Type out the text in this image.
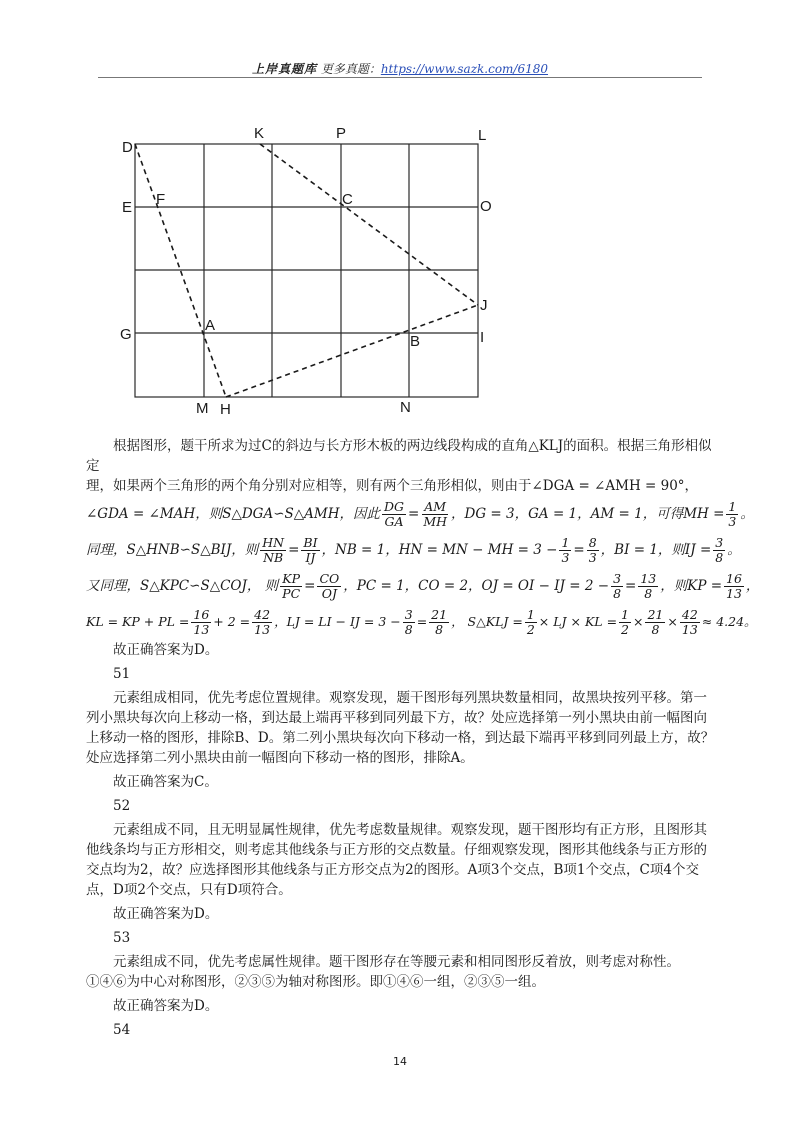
上岸真题库 更多真题：https://www.sazk.com/6180
D
K	P	L
E F	C	O
J
G
A
B	I
M H	N

根据图形，题干所求为过C的斜边与长方形木板的两边线段构成的直角△KLJ的面积。根据三角形相似定

理，如果两个三角形的两个角分别对应相等，则有两个三角形相似，则由于∠DGA = ∠AMH = 90°，

∠GDA = ∠MAH，则S△DGA∽S△AMH，因此 $\frac{DG}{GA} = \frac{AM}{MH}$ ，DG = 3，GA = 1，AM = 1，可得MH = $\frac{1}{3}$ 。
同理，S△HNB∽S△BIJ，则 $\frac{HN}{NB} = \frac{BI}{IJ}$ ，NB = 1，HN = MN − MH = $3 - \frac{1}{3} = \frac{8}{3}$ ，BI = 1，则IJ = $\frac{3}{8}$ 。
又同理，S△KPC∽S△COJ， 则 $\frac{KP}{PC} = \frac{CO}{OJ}$ ，PC = 1，CO = 2，OJ = OI − IJ = $2 - \frac{3}{8} = \frac{13}{8}$ ，则KP = $\frac{16}{13}$ ，
KL = KP + PL = $\frac{16}{13} + 2 = \frac{42}{13}$ ，LJ = LI − IJ = $3 - \frac{3}{8} = \frac{21}{8}$ ， S△KLJ = $\frac{1}{2}$ × LJ × KL = $\frac{1}{2} \times \frac{21}{8} \times \frac{42}{13} \approx 4.24$。

故正确答案为D。

51

元素组成相同，优先考虑位置规律。观察发现，题干图形每列黑块数量相同，故黑块按列平移。第一列小黑块每次向上移动一格，到达最上端再平移到同列最下方，故？处应选择第一列小黑块由前一幅图向上移动一格的图形，排除B、D。第二列小黑块每次向下移动一格，到达最下端再平移到同列最上方，故？处应选择第二列小黑块由前一幅图向下移动一格的图形，排除A。

故正确答案为C。

52

元素组成不同，且无明显属性规律，优先考虑数量规律。观察发现，题干图形均有正方形，且图形其他线条均与正方形相交，则考虑其他线条与正方形的交点数量。仔细观察发现，图形其他线条与正方形的交点均为2，故？应选择图形其他线条与正方形交点为2的图形。A项3个交点，B项1个交点，C项4个交点，D项2个交点，只有D项符合。

故正确答案为D。

53

元素组成不同，优先考虑属性规律。题干图形存在等腰元素和相同图形反着放，则考虑对称性。①④⑥为中心对称图形，②③⑤为轴对称图形。即①④⑥一组，②③⑤一组。

故正确答案为D。

54

14
